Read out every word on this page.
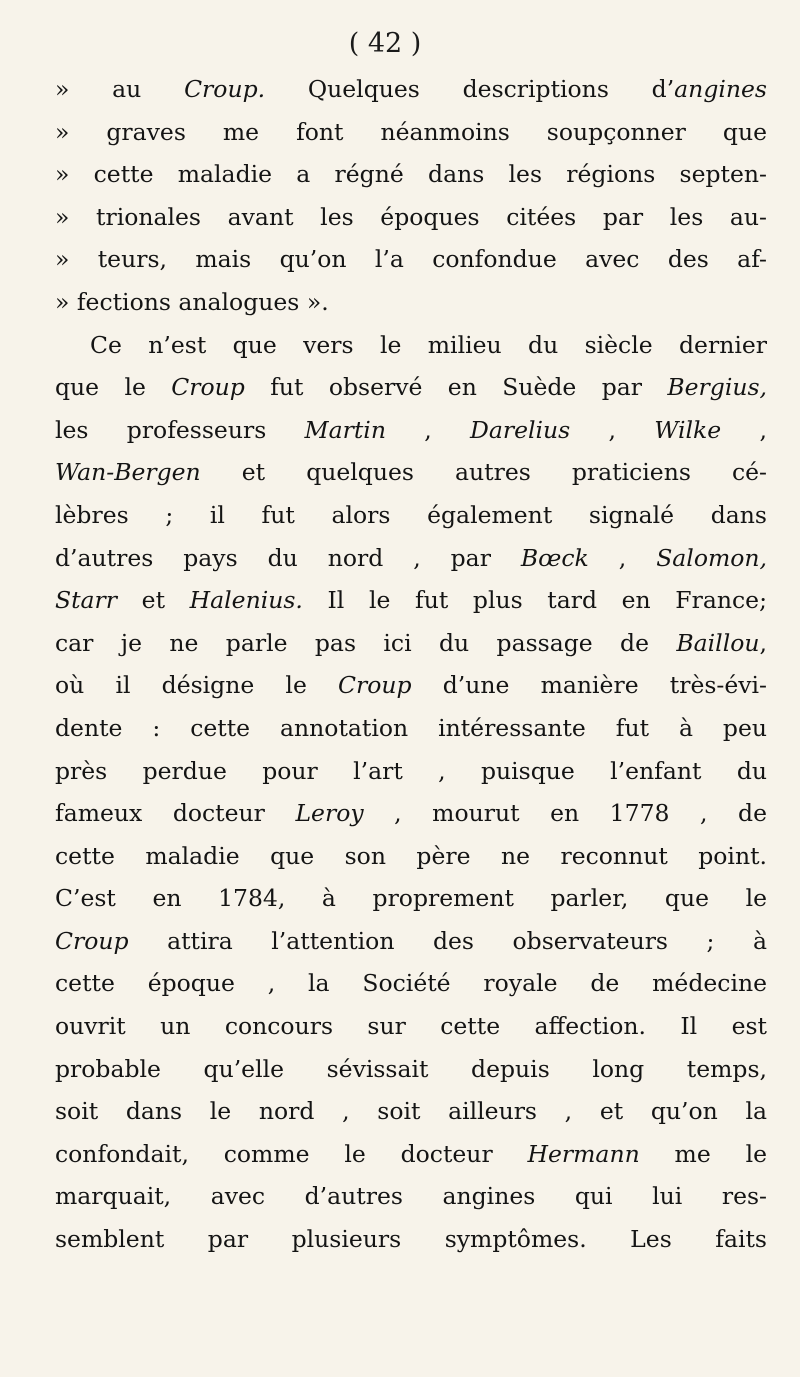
( 42 )
» au Croup. Quelques descriptions d’angines
» graves me font néanmoins soupçonner que
» cette maladie a régné dans les régions septen-
» trionales avant les époques citées par les au-
» teurs, mais qu’on l’a confondue avec des af-
» fections analogues ».
Ce n’est que vers le milieu du siècle dernier
que le Croup fut observé en Suède par Bergius,
les professeurs Martin , Darelius , Wilke ,
Wan-Bergen et quelques autres praticiens cé-
lèbres ; il fut alors également signalé dans
d’autres pays du nord , par Bœck , Salomon,
Starr et Halenius. Il le fut plus tard en France;
car je ne parle pas ici du passage de Baillou,
où il désigne le Croup d’une manière très-évi-
dente : cette annotation intéressante fut à peu
près perdue pour l’art , puisque l’enfant du
fameux docteur Leroy , mourut en 1778 , de
cette maladie que son père ne reconnut point.
C’est en 1784, à proprement parler, que le
Croup attira l’attention des observateurs ; à
cette époque , la Société royale de médecine
ouvrit un concours sur cette affection. Il est
probable qu’elle sévissait depuis long temps,
soit dans le nord , soit ailleurs , et qu’on la
confondait, comme le docteur Hermann me le
marquait, avec d’autres angines qui lui res-
semblent par plusieurs symptômes. Les faits
